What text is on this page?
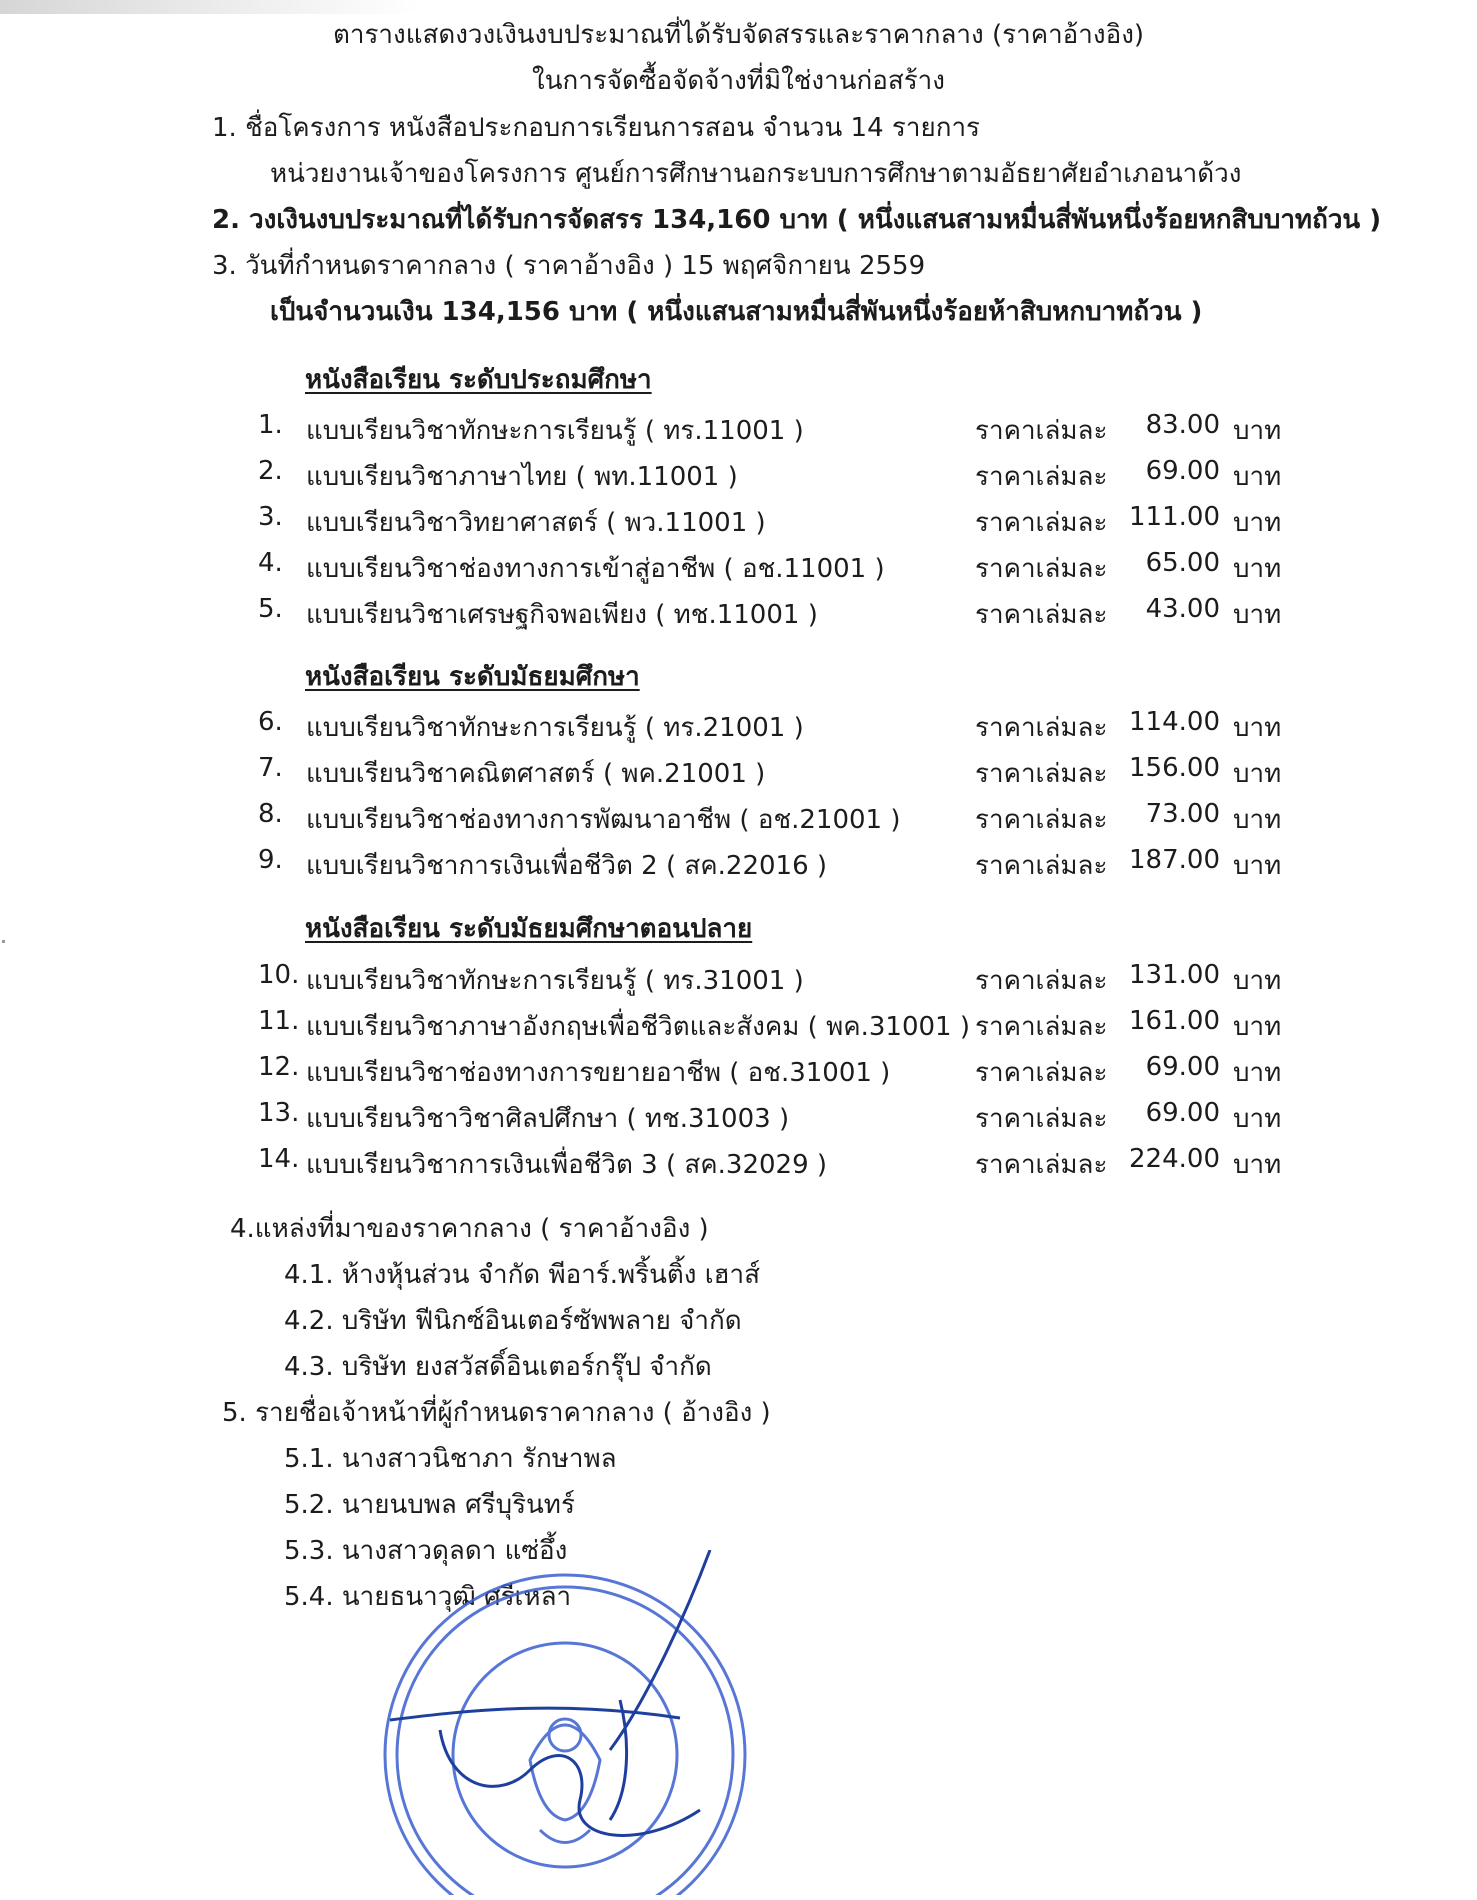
ตารางแสดงวงเงินงบประมาณที่ได้รับจัดสรรและราคากลาง (ราคาอ้างอิง)
ในการจัดซื้อจัดจ้างที่มิใช่งานก่อสร้าง
1. ชื่อโครงการ หนังสือประกอบการเรียนการสอน จำนวน 14 รายการ
หน่วยงานเจ้าของโครงการ ศูนย์การศึกษานอกระบบการศึกษาตามอัธยาศัยอำเภอนาด้วง
2. วงเงินงบประมาณที่ได้รับการจัดสรร 134,160 บาท ( หนึ่งแสนสามหมื่นสี่พันหนึ่งร้อยหกสิบบาทถ้วน )
3. วันที่กำหนดราคากลาง ( ราคาอ้างอิง ) 15 พฤศจิกายน 2559
เป็นจำนวนเงิน 134,156 บาท ( หนึ่งแสนสามหมื่นสี่พันหนึ่งร้อยห้าสิบหกบาทถ้วน )
หนังสือเรียน ระดับประถมศึกษา
1. แบบเรียนวิชาทักษะการเรียนรู้ ( ทร.11001 )	ราคาเล่มละ	83.00 บาท
2. แบบเรียนวิชาภาษาไทย ( พท.11001 )	ราคาเล่มละ	69.00 บาท
3. แบบเรียนวิชาวิทยาศาสตร์ ( พว.11001 )	ราคาเล่มละ 111.00 บาท
4. แบบเรียนวิชาช่องทางการเข้าสู่อาชีพ ( อช.11001 )	ราคาเล่มละ	65.00 บาท
5. แบบเรียนวิชาเศรษฐกิจพอเพียง ( ทช.11001 )	ราคาเล่มละ	43.00 บาท
หนังสือเรียน ระดับมัธยมศึกษา
6. แบบเรียนวิชาทักษะการเรียนรู้ ( ทร.21001 )	ราคาเล่มละ 114.00 บาท
7. แบบเรียนวิชาคณิตศาสตร์ ( พค.21001 )	ราคาเล่มละ 156.00 บาท
8. แบบเรียนวิชาช่องทางการพัฒนาอาชีพ ( อช.21001 )	ราคาเล่มละ	73.00 บาท
9. แบบเรียนวิชาการเงินเพื่อชีวิต 2 ( สค.22016 )	ราคาเล่มละ 187.00 บาท
หนังสือเรียน ระดับมัธยมศึกษาตอนปลาย
10. แบบเรียนวิชาทักษะการเรียนรู้ ( ทร.31001 )	ราคาเล่มละ 131.00 บาท
11. แบบเรียนวิชาภาษาอังกฤษเพื่อชีวิตและสังคม ( พค.31001 ) ราคาเล่มละ 161.00 บาท
12. แบบเรียนวิชาช่องทางการขยายอาชีพ ( อช.31001 )	ราคาเล่มละ	69.00 บาท
13. แบบเรียนวิชาวิชาศิลปศึกษา ( ทช.31003 )	ราคาเล่มละ	69.00 บาท
14. แบบเรียนวิชาการเงินเพื่อชีวิต 3 ( สค.32029 )	ราคาเล่มละ 224.00 บาท
4.แหล่งที่มาของราคากลาง ( ราคาอ้างอิง )
4.1. ห้างหุ้นส่วน จำกัด พีอาร์.พริ้นติ้ง เฮาส์
4.2. บริษัท ฟีนิกซ์อินเตอร์ซัพพลาย จำกัด
4.3. บริษัท ยงสวัสดิ์อินเตอร์กรุ๊ป จำกัด
5. รายชื่อเจ้าหน้าที่ผู้กำหนดราคากลาง ( อ้างอิง )
5.1. นางสาวนิชาภา รักษาพล
5.2. นายนบพล ศรีบุรินทร์
5.3. นางสาวดุลดา แซ่อึ้ง
5.4. นายธนาวุฒิ ศรีเหลา
